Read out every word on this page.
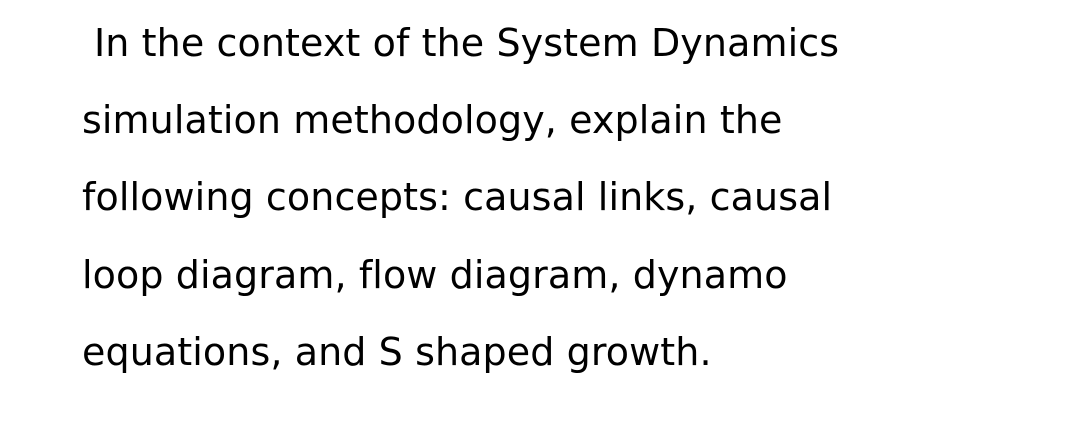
In the context of the System Dynamics
simulation methodology, explain the
following concepts: causal links, causal
loop diagram, flow diagram, dynamo
equations, and S shaped growth.
